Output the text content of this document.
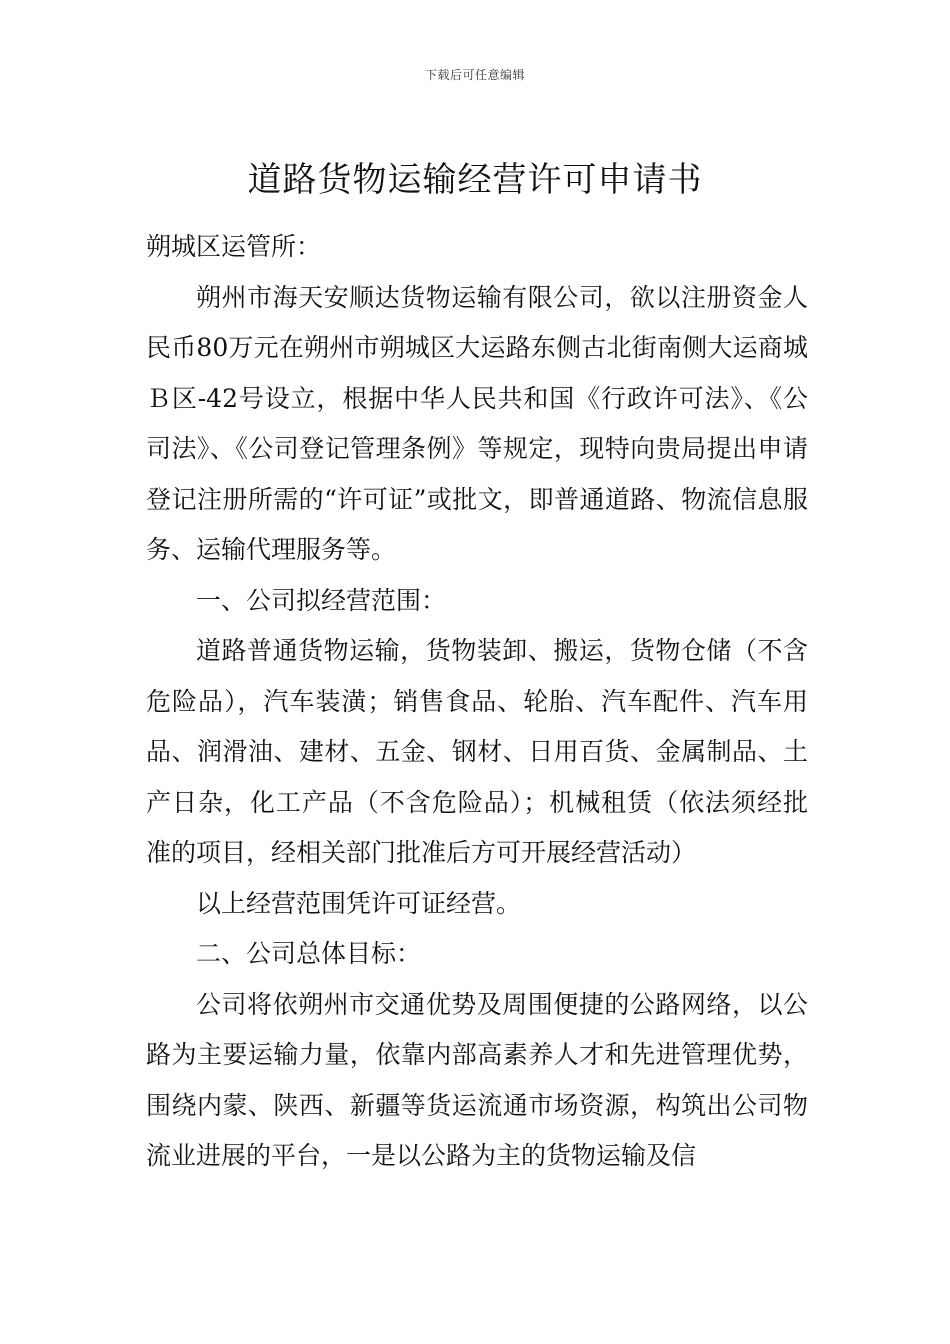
下载后可任意编辑
道路货物运输经营许可申请书

朔城区运管所：

朔州市海天安顺达货物运输有限公司，欲以注册资金人民币80万元在朔州市朔城区大运路东侧古北街南侧大运商城Ｂ区-42号设立，根据中华人民共和国《行政许可法》、《公司法》、《公司登记管理条例》等规定，现特向贵局提出申请登记注册所需的“许可证”或批文，即普通道路、物流信息服务、运输代理服务等。

一、公司拟经营范围：

道路普通货物运输，货物装卸、搬运，货物仓储（不含危险品），汽车装潢；销售食品、轮胎、汽车配件、汽车用品、润滑油、建材、五金、钢材、日用百货、金属制品、土产日杂，化工产品（不含危险品）；机械租赁（依法须经批准的项目，经相关部门批准后方可开展经营活动）

以上经营范围凭许可证经营。

二、公司总体目标：

公司将依朔州市交通优势及周围便捷的公路网络，以公路为主要运输力量，依靠内部高素养人才和先进管理优势，围绕内蒙、陕西、新疆等货运流通市场资源，构筑出公司物流业进展的平台，一是以公路为主的货物运输及信
